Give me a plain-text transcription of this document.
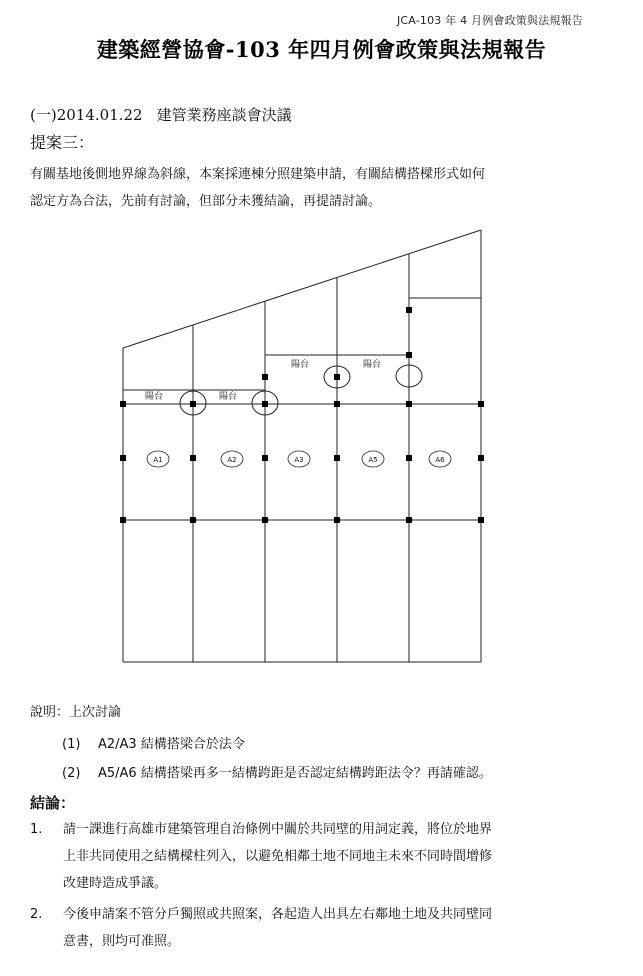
JCA-103 年 4 月例會政策與法規報告
建築經營協會-103 年四月例會政策與法規報告
(一)2014.01.22 建管業務座談會決議
提案三：
有關基地後側地界線為斜線，本案採連棟分照建築申請，有關結構搭樑形式如何
認定方為合法，先前有討論，但部分未獲結論，再提請討論。
陽台	陽台
陽台	陽台
A1	A2	A3	A5	A6
說明：上次討論
(1) A2/A3 結構搭梁合於法令
(2) A5/A6 結構搭梁再多一結構跨距是否認定結構跨距法令？再請確認。
結論：
1. 請一課進行高雄市建築管理自治條例中關於共同壁的用詞定義，將位於地界
上非共同使用之結構樑柱列入，以避免相鄰土地不同地主未來不同時間增修
改建時造成爭議。
2. 今後申請案不管分戶獨照或共照案，各起造人出具左右鄰地土地及共同壁同
意書，則均可准照。
